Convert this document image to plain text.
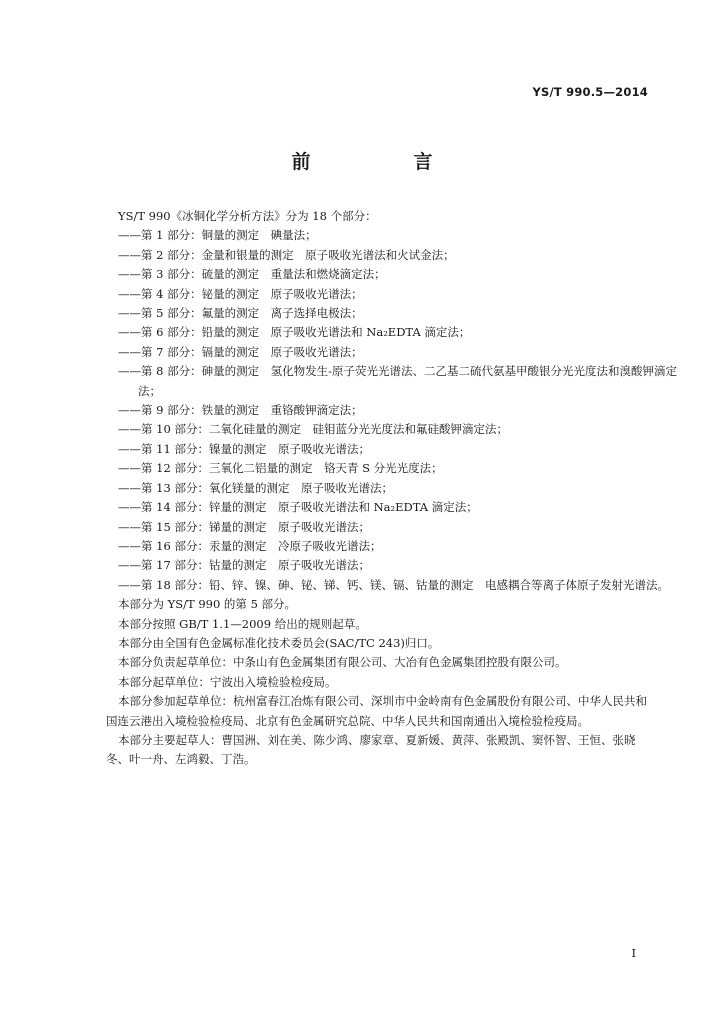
YS/T 990.5—2014
前　言
YS/T 990《冰铜化学分析方法》分为 18 个部分：
——第 1 部分：铜量的测定　碘量法；
——第 2 部分：金量和银量的测定　原子吸收光谱法和火试金法；
——第 3 部分：硫量的测定　重量法和燃烧滴定法；
——第 4 部分：铋量的测定　原子吸收光谱法；
——第 5 部分：氟量的测定　离子选择电极法；
——第 6 部分：铅量的测定　原子吸收光谱法和 Na₂EDTA 滴定法；
——第 7 部分：镉量的测定　原子吸收光谱法；
——第 8 部分：砷量的测定　氢化物发生-原子荧光光谱法、二乙基二硫代氨基甲酸银分光光度法和溴酸钾滴定法；
——第 9 部分：铁量的测定　重铬酸钾滴定法；
——第 10 部分：二氧化硅量的测定　硅钼蓝分光光度法和氟硅酸钾滴定法；
——第 11 部分：镍量的测定　原子吸收光谱法；
——第 12 部分：三氧化二铝量的测定　铬天青 S 分光光度法；
——第 13 部分：氧化镁量的测定　原子吸收光谱法；
——第 14 部分：锌量的测定　原子吸收光谱法和 Na₂EDTA 滴定法；
——第 15 部分：锑量的测定　原子吸收光谱法；
——第 16 部分：汞量的测定　冷原子吸收光谱法；
——第 17 部分：钴量的测定　原子吸收光谱法；
——第 18 部分：铅、锌、镍、砷、铋、锑、钙、镁、镉、钴量的测定　电感耦合等离子体原子发射光谱法。
本部分为 YS/T 990 的第 5 部分。
本部分按照 GB/T 1.1—2009 给出的规则起草。
本部分由全国有色金属标准化技术委员会(SAC/TC 243)归口。
本部分负责起草单位：中条山有色金属集团有限公司、大冶有色金属集团控股有限公司。
本部分起草单位：宁波出入境检验检疫局。
本部分参加起草单位：杭州富春江冶炼有限公司、深圳市中金岭南有色金属股份有限公司、中华人民共和国连云港出入境检验检疫局、北京有色金属研究总院、中华人民共和国南通出入境检验检疫局。
本部分主要起草人：曹国洲、刘在美、陈少鸿、廖家章、夏新媛、黄萍、张殿凯、窦怀智、王恒、张晓冬、叶一舟、左鸿毅、丁浩。
I
